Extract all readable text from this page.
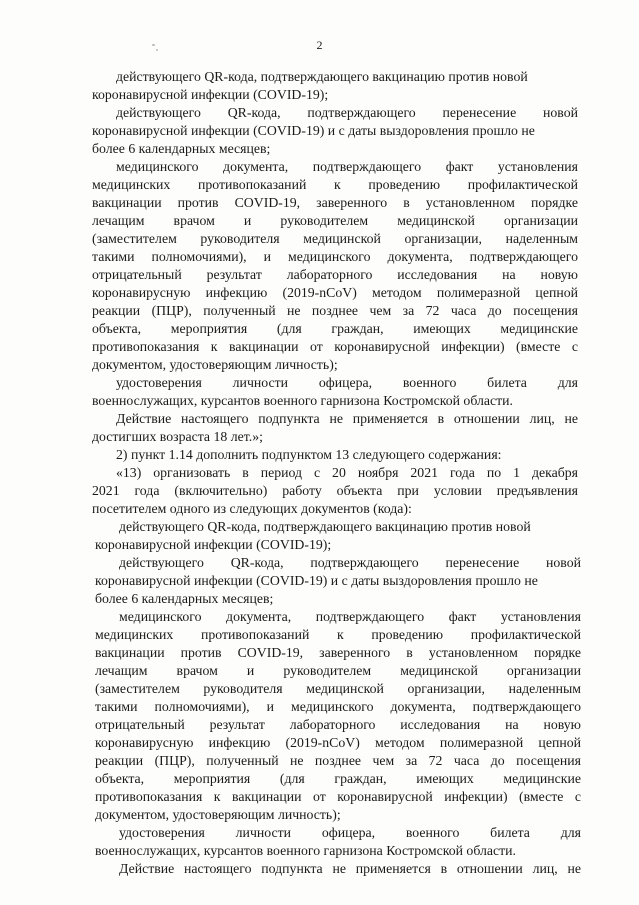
2
действующего QR-кода, подтверждающего вакцинацию против новой
коронавирусной инфекции (COVID-19);
действующего QR-кода, подтверждающего перенесение новой
коронавирусной инфекции (COVID-19) и с даты выздоровления прошло не
более 6 календарных месяцев;
медицинского документа, подтверждающего факт установления
медицинских противопоказаний к проведению профилактической
вакцинации против COVID-19, заверенного в установленном порядке
лечащим врачом и руководителем медицинской организации
(заместителем руководителя медицинской организации, наделенным
такими полномочиями), и медицинского документа, подтверждающего
отрицательный результат лабораторного исследования на новую
коронавирусную инфекцию (2019-nCoV) методом полимеразной цепной
реакции (ПЦР), полученный не позднее чем за 72 часа до посещения
объекта, мероприятия (для граждан, имеющих медицинские
противопоказания к вакцинации от коронавирусной инфекции) (вместе с
документом, удостоверяющим личность);
удостоверения личности офицера, военного билета для
военнослужащих, курсантов военного гарнизона Костромской области.
Действие настоящего подпункта не применяется в отношении лиц, не
достигших возраста 18 лет.»;
2) пункт 1.14 дополнить подпунктом 13 следующего содержания:
«13) организовать в период с 20 ноября 2021 года по 1 декабря
2021 года (включительно) работу объекта при условии предъявления
посетителем одного из следующих документов (кода):
действующего QR-кода, подтверждающего вакцинацию против новой
коронавирусной инфекции (COVID-19);
действующего QR-кода, подтверждающего перенесение новой
коронавирусной инфекции (COVID-19) и с даты выздоровления прошло не
более 6 календарных месяцев;
медицинского документа, подтверждающего факт установления
медицинских противопоказаний к проведению профилактической
вакцинации против COVID-19, заверенного в установленном порядке
лечащим врачом и руководителем медицинской организации
(заместителем руководителя медицинской организации, наделенным
такими полномочиями), и медицинского документа, подтверждающего
отрицательный результат лабораторного исследования на новую
коронавирусную инфекцию (2019-nCoV) методом полимеразной цепной
реакции (ПЦР), полученный не позднее чем за 72 часа до посещения
объекта, мероприятия (для граждан, имеющих медицинские
противопоказания к вакцинации от коронавирусной инфекции) (вместе с
документом, удостоверяющим личность);
удостоверения личности офицера, военного билета для
военнослужащих, курсантов военного гарнизона Костромской области.
Действие настоящего подпункта не применяется в отношении лиц, не
